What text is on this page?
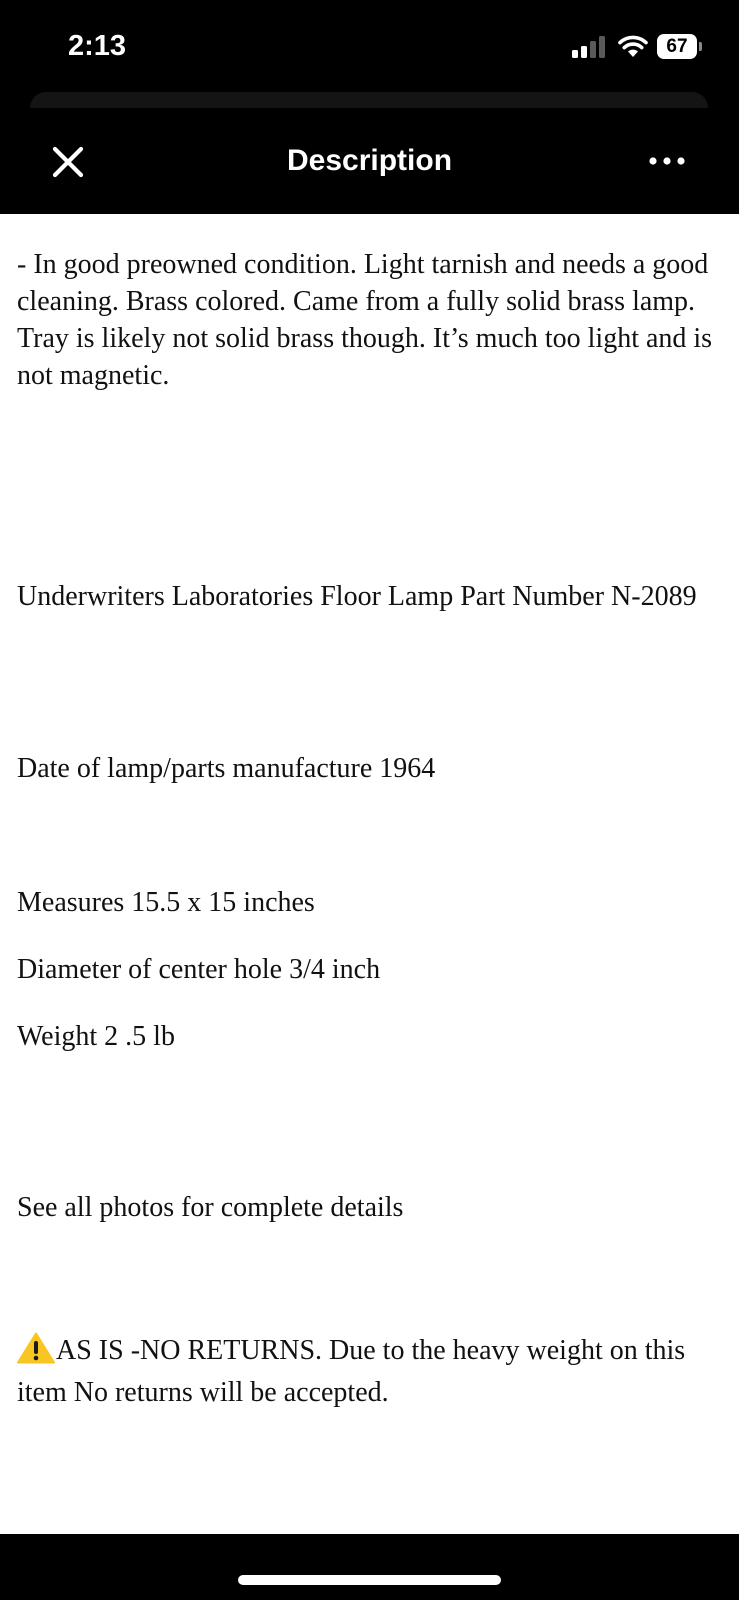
2:13	67
Description

- In good preowned condition. Light tarnish and needs a good cleaning. Brass colored. Came from a fully solid brass lamp. Tray is likely not solid brass though. It’s much too light and is not magnetic.

Underwriters Laboratories Floor Lamp Part Number N-2089

Date of lamp/parts manufacture 1964

Measures 15.5 x 15 inches

Diameter of center hole 3/4 inch

Weight 2 .5 lb

See all photos for complete details

AS IS -NO RETURNS. Due to the heavy weight on this item No returns will be accepted.
